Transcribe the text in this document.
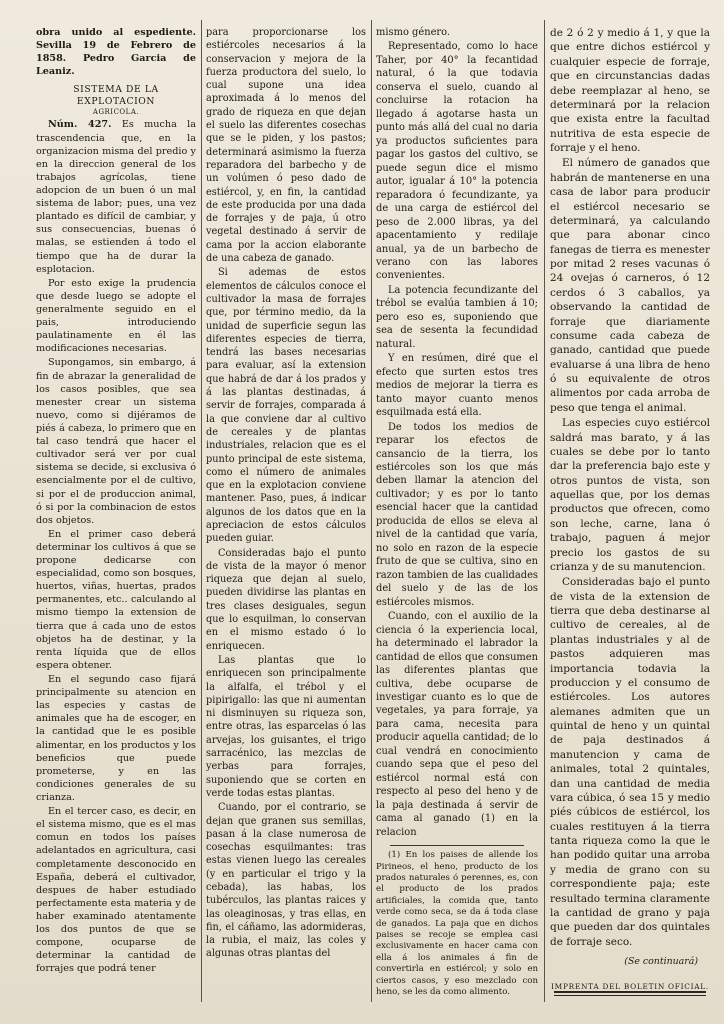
obra unido al espediente. Sevilla 19 de Febrero de 1858. Pedro Garcia de Leaniz.

SISTEMA DE LA EXPLOTACION
AGRICOLA.

Núm. 427. Es mucha la trascendencia que, en la organizacion misma del predio y en la direccion general de los trabajos agrícolas, tiene adopcion de un buen ó un mal sistema de labor; pues, una vez plantado es difícil de cambiar, y sus consecuencias, buenas ó malas, se estienden á todo el tiempo que ha de durar la esplotacion.

Por esto exige la prudencia que desde luego se adopte el generalmente seguido en el pais, introduciendo paulatinamente en él las modificaciones necesarias.

Supongamos, sin embargo, á fin de abrazar la generalidad de los casos posibles, que sea menester crear un sistema nuevo, como si dijéramos de piés á cabeza, lo primero que en tal caso tendrá que hacer el cultivador será ver por cual sistema se decide, si exclusiva ó esencialmente por el de cultivo, si por el de produccion animal, ó si por la combinacion de estos dos objetos.

En el primer caso deberá determinar los cultivos á que se propone dedicarse con especialidad, como son bosques, huertos, viñas, huertas, prados permanentes, etc.. calculando al mismo tiempo la extension de tierra que á cada uno de estos objetos ha de destinar, y la renta líquida que de ellos espera obtener.

En el segundo caso fijará principalmente su atencion en las especies y castas de animales que ha de escoger, en la cantidad que le es posible alimentar, en los productos y los beneficios que puede prometerse, y en las condiciones generales de su crianza.

En el tercer caso, es decir, en el sistema mismo, que es el mas comun en todos los países adelantados en agricultura, casi completamente desconocido en España, deberá el cultivador, despues de haber estudiado perfectamente esta materia y de haber examinado atentamente los dos puntos de que se compone, ocuparse de determinar la cantidad de forrajes que podrá tener

para proporcionarse los estiércoles necesarios á la conservacion y mejora de la fuerza productora del suelo, lo cual supone una idea aproximada á lo menos del grado de riqueza en que dejan el suelo las diferentes cosechas que se le piden, y los pastos; determinará asimismo la fuerza reparadora del barbecho y de un volúmen ó peso dado de estiércol, y, en fin, la cantidad de este producida por una dada de forrajes y de paja, ú otro vegetal destinado á servir de cama por la accion elaborante de una cabeza de ganado.

Si ademas de estos elementos de cálculos conoce el cultivador la masa de forrajes que, por término medio, da la unidad de superficie segun las diferentes especies de tierra, tendrá las bases necesarias para evaluar, así la extension que habrá de dar á los prados y á las plantas destinadas, á servir de forrajes, comparada á la que conviene dar al cultivo de cereales y de plantas industriales, relacion que es el punto principal de este sistema, como el número de animales que en la explotacion conviene mantener. Paso, pues, á indicar algunos de los datos que en la apreciacion de estos cálculos pueden guiar.

Consideradas bajo el punto de vista de la mayor ó menor riqueza que dejan al suelo, pueden dividirse las plantas en tres clases desiguales, segun que lo esquilman, lo conservan en el mismo estado ó lo enriquecen.

Las plantas que lo enriquecen son principalmente la alfalfa, el trébol y el pipirigallo: las que ni aumentan ni disminuyen su riqueza son, entre otras, las esparcelas ó las arvejas, los guisantes, el trigo sarracénico, las mezclas de yerbas para forrajes, suponiendo que se corten en verde todas estas plantas.

Cuando, por el contrario, se dejan que granen sus semillas, pasan á la clase numerosa de cosechas esquilmantes: tras estas vienen luego las cereales (y en particular el trigo y la cebada), las habas, los tubérculos, las plantas raices y las oleaginosas, y tras ellas, en fin, el cáñamo, las adormideras, la rubia, el maiz, las coles y algunas otras plantas del

mismo género.

Representado, como lo hace Taher, por 40° la fecantidad natural, ó la que todavia conserva el suelo, cuando al concluirse la rotacion ha llegado á agotarse hasta un punto más allá del cual no daria ya productos suficientes para pagar los gastos del cultivo, se puede segun dice el mismo autor, igualar á 10° la potencia reparadora ó fecundizante, ya de una carga de estiércol del peso de 2.000 libras, ya del apacentamiento y redilaje anual, ya de un barbecho de verano con las labores convenientes.

La potencia fecundizante del trébol se evalúa tambien á 10; pero eso es, suponiendo que sea de sesenta la fecundidad natural.

Y en resúmen, diré que el efecto que surten estos tres medios de mejorar la tierra es tanto mayor cuanto menos esquilmada está ella.

De todos los medios de reparar los efectos de cansancio de la tierra, los estiércoles son los que más deben llamar la atencion del cultivador; y es por lo tanto esencial hacer que la cantidad producida de ellos se eleva al nivel de la cantidad que varía, no solo en razon de la especie fruto de que se cultiva, sino en razon tambien de las cualidades del suelo y de las de los estiércoles mismos.

Cuando, con el auxilio de la ciencia ó la experiencia local, ha determinado el labrador la cantidad de ellos que consumen las diferentes plantas que cultiva, debe ocuparse de investigar cuanto es lo que de vegetales, ya para forraje, ya para cama, necesita para producir aquella cantidad; de lo cual vendrá en conocimiento cuando sepa que el peso del estiércol normal está con respecto al peso del heno y de la paja destinada á servir de cama al ganado (1) en la relacion

(1) En los paises de allende los Pirineos, el heno, producto de los prados naturales ó perennes, es, con el producto de los prados artificiales, la comida que, tanto verde como seca, se da á toda clase de ganados. La paja que en dichos paises se recoje se emplea casi exclusivamente en hacer cama con ella á los animales á fin de convertirla en estiércol; y solo en ciertos casos, y eso mezclado con heno, se les da como alimento.

de 2 ó 2 y medio á 1, y que la que entre dichos estiércol y cualquier especie de forraje, que en circunstancias dadas debe reemplazar al heno, se determinará por la relacion que exista entre la facultad nutritiva de esta especie de forraje y el heno.

El número de ganados que habrán de mantenerse en una casa de labor para producir el estiércol necesario se determinará, ya calculando que para abonar cinco fanegas de tierra es menester por mitad 2 reses vacunas ó 24 ovejas ó carneros, ó 12 cerdos ó 3 caballos, ya observando la cantidad de forraje que diariamente consume cada cabeza de ganado, cantidad que puede evaluarse á una libra de heno ó su equivalente de otros alimentos por cada arroba de peso que tenga el animal.

Las especies cuyo estiércol saldrá mas barato, y á las cuales se debe por lo tanto dar la preferencia bajo este y otros puntos de vista, son aquellas que, por los demas productos que ofrecen, como son leche, carne, lana ó trabajo, paguen á mejor precio los gastos de su crianza y de su manutencion.

Consideradas bajo el punto de vista de la extension de tierra que deba destinarse al cultivo de cereales, al de plantas industriales y al de pastos adquieren mas importancia todavia la produccion y el consumo de estiércoles. Los autores alemanes admiten que un quintal de heno y un quintal de paja destinados á manutencion y cama de animales, total 2 quintales, dan una cantidad de media vara cúbica, ó sea 15 y medio piés cúbicos de estiércol, los cuales restituyen á la tierra tanta riqueza como la que le han podido quitar una arroba y media de grano con su correspondiente paja; este resultado termina claramente la cantidad de grano y paja que pueden dar dos quintales de forraje seco.

(Se continuará)
IMPRENTA DEL BOLETIN OFICIAL.
